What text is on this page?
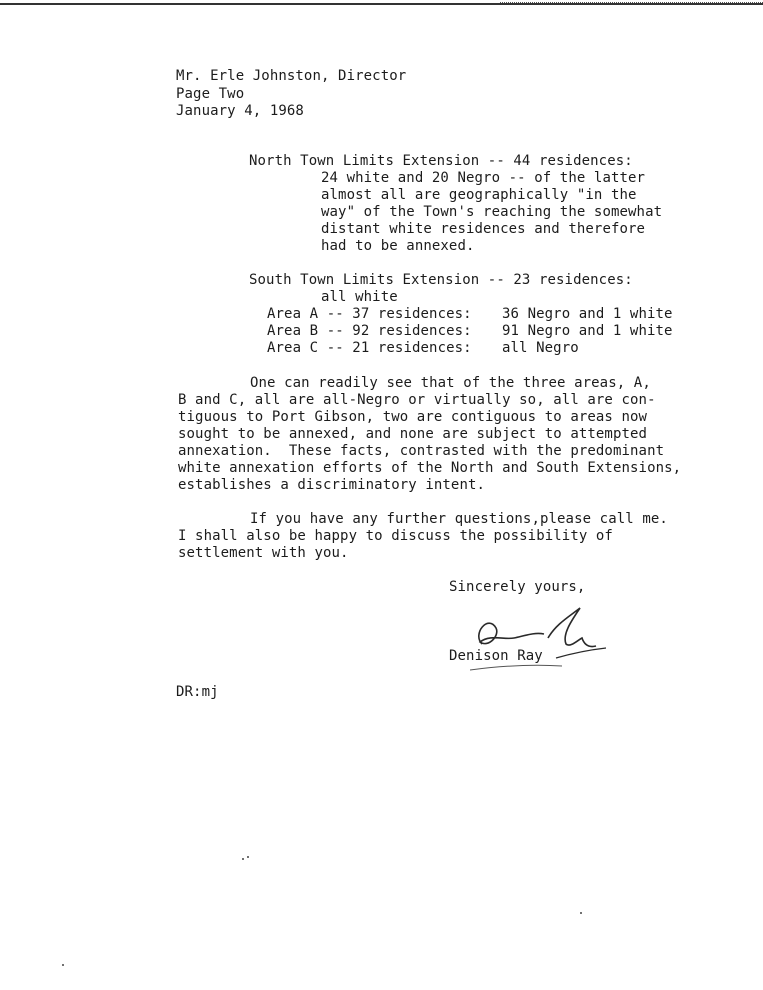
Mr. Erle Johnston, Director
Page Two
January 4, 1968
North Town Limits Extension -- 44 residences:
24 white and 20 Negro -- of the latter
almost all are geographically "in the
way" of the Town's reaching the somewhat
distant white residences and therefore
had to be annexed.
South Town Limits Extension -- 23 residences:
all white
Area A -- 37 residences: 36 Negro and 1 white
Area B -- 92 residences: 91 Negro and 1 white
Area C -- 21 residences: all Negro
One can readily see that of the three areas, A,
B and C, all are all-Negro or virtually so, all are con-
tiguous to Port Gibson, two are contiguous to areas now
sought to be annexed, and none are subject to attempted
annexation.  These facts, contrasted with the predominant
white annexation efforts of the North and South Extensions,
establishes a discriminatory intent.
If you have any further questions,please call me.
I shall also be happy to discuss the possibility of
settlement with you.
Sincerely yours,
Denison Ray
DR:mj
